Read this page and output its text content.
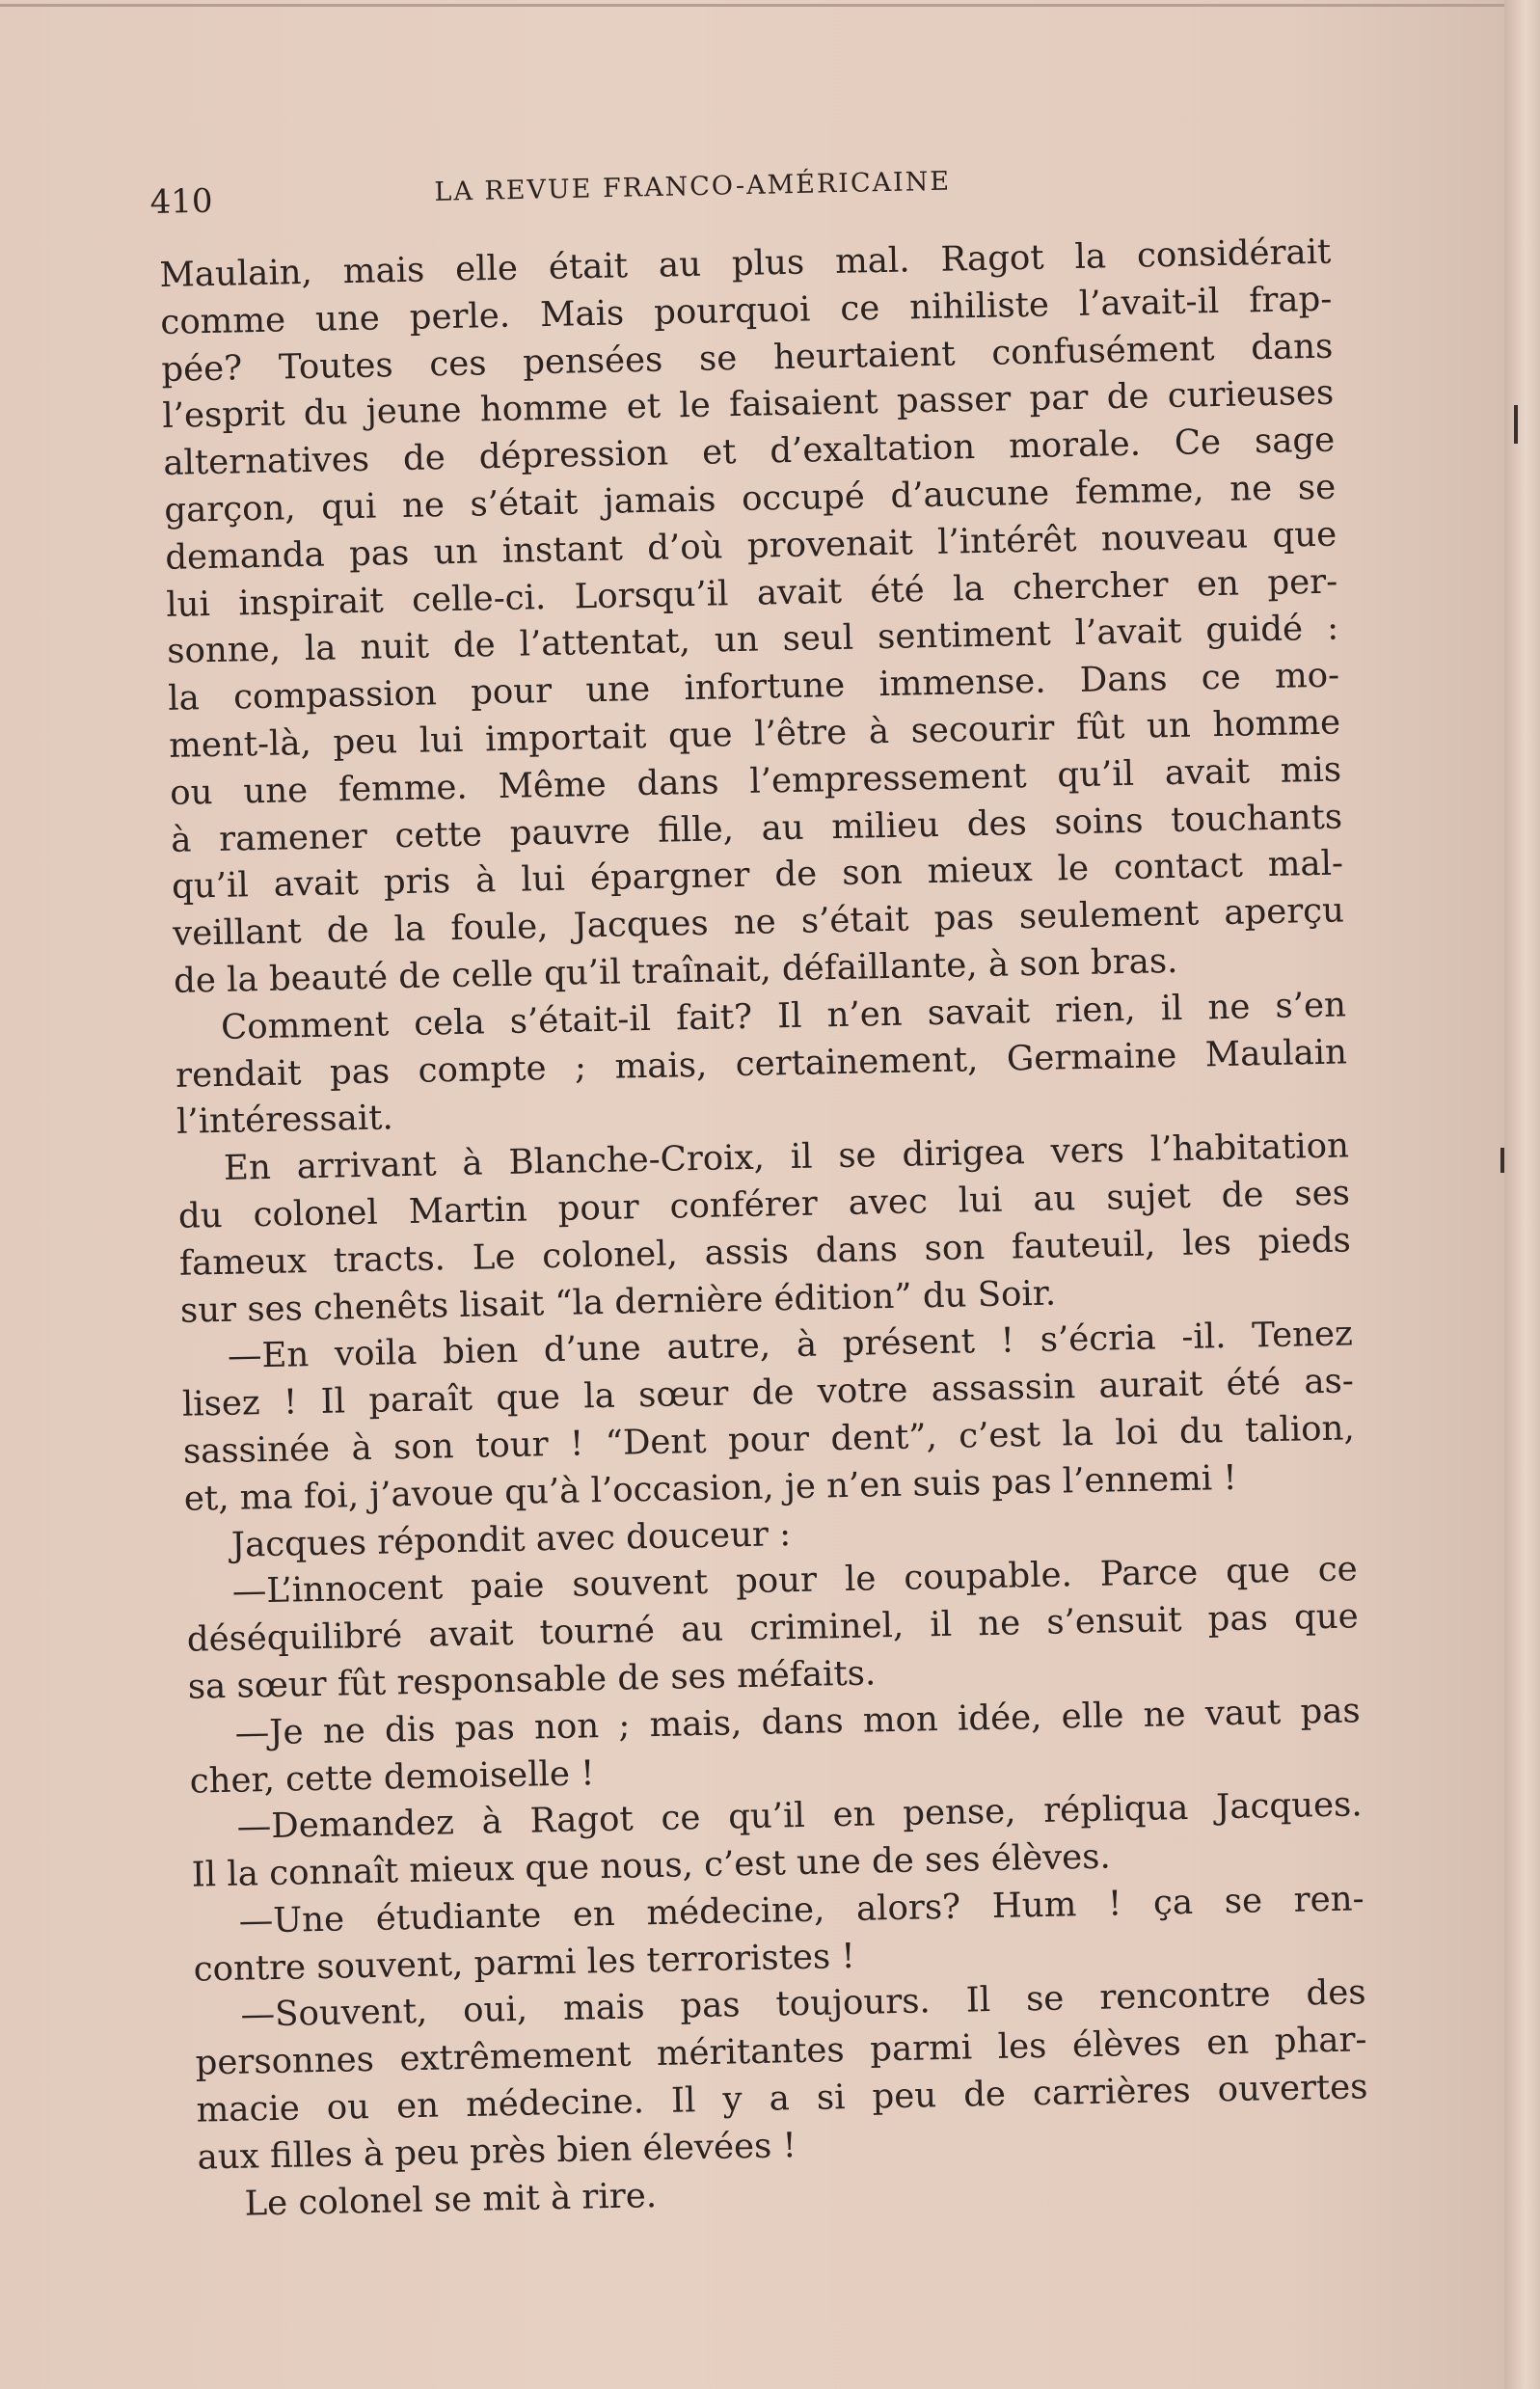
410	LA REVUE FRANCO-AMÉRICAINE
Maulain, mais elle était au plus mal. Ragot la considérait
comme une perle. Mais pourquoi ce nihiliste l’avait-il frap-
pée? Toutes ces pensées se heurtaient confusément dans
l’esprit du jeune homme et le faisaient passer par de curieuses
alternatives de dépression et d’exaltation morale. Ce sage
garçon, qui ne s’était jamais occupé d’aucune femme, ne se
demanda pas un instant d’où provenait l’intérêt nouveau que
lui inspirait celle-ci. Lorsqu’il avait été la chercher en per-
sonne, la nuit de l’attentat, un seul sentiment l’avait guidé :
la compassion pour une infortune immense. Dans ce mo-
ment-là, peu lui importait que l’être à secourir fût un homme
ou une femme. Même dans l’empressement qu’il avait mis
à ramener cette pauvre fille, au milieu des soins touchants
qu’il avait pris à lui épargner de son mieux le contact mal-
veillant de la foule, Jacques ne s’était pas seulement aperçu
de la beauté de celle qu’il traînait, défaillante, à son bras.
Comment cela s’était-il fait? Il n’en savait rien, il ne s’en
rendait pas compte ; mais, certainement, Germaine Maulain
l’intéressait.
En arrivant à Blanche-Croix, il se dirigea vers l’habitation
du colonel Martin pour conférer avec lui au sujet de ses
fameux tracts. Le colonel, assis dans son fauteuil, les pieds
sur ses chenêts lisait “la dernière édition” du Soir.
—En voila bien d’une autre, à présent ! s’écria -il. Tenez
lisez ! Il paraît que la sœur de votre assassin aurait été as-
sassinée à son tour ! “Dent pour dent”, c’est la loi du talion,
et, ma foi, j’avoue qu’à l’occasion, je n’en suis pas l’ennemi !
Jacques répondit avec douceur :
—L’innocent paie souvent pour le coupable. Parce que ce
déséquilibré avait tourné au criminel, il ne s’ensuit pas que
sa sœur fût responsable de ses méfaits.
—Je ne dis pas non ; mais, dans mon idée, elle ne vaut pas
cher, cette demoiselle !
—Demandez à Ragot ce qu’il en pense, répliqua Jacques.
Il la connaît mieux que nous, c’est une de ses élèves.
—Une étudiante en médecine, alors? Hum ! ça se ren-
contre souvent, parmi les terroristes !
—Souvent, oui, mais pas toujours. Il se rencontre des
personnes extrêmement méritantes parmi les élèves en phar-
macie ou en médecine. Il y a si peu de carrières ouvertes
aux filles à peu près bien élevées !
Le colonel se mit à rire.
